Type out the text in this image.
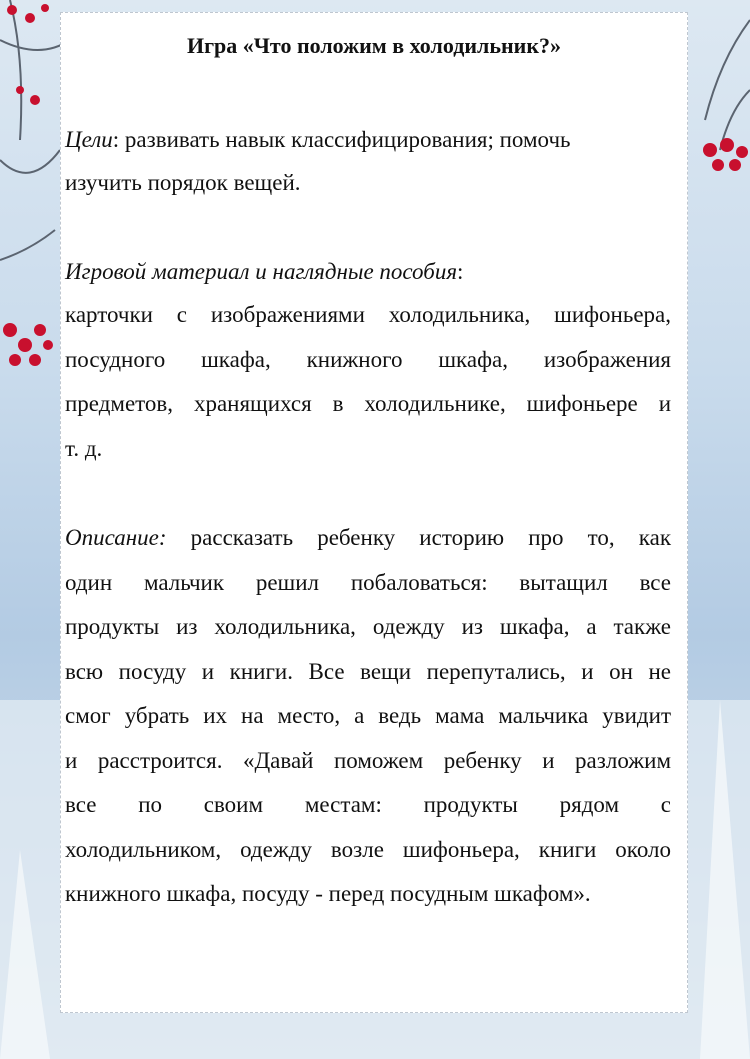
Игра «Что положим в холодильник?»
Цели: развивать навык классифицирования; помочь
изучить порядок вещей.
Игровой материал и наглядные пособия:
карточки с изображениями холодильника, шифоньера,
посудного шкафа, книжного шкафа, изображения
предметов, хранящихся в холодильнике, шифоньере и
т. д.
Описание: рассказать ребенку историю про то, как
один мальчик решил побаловаться: вытащил все
продукты из холодильника, одежду из шкафа, а также
всю посуду и книги. Все вещи перепутались, и он не
смог убрать их на место, а ведь мама мальчика увидит
и расстроится. «Давай поможем ребенку и разложим
все по своим местам: продукты рядом с
холодильником, одежду возле шифоньера, книги около
книжного шкафа, посуду - перед посудным шкафом».
